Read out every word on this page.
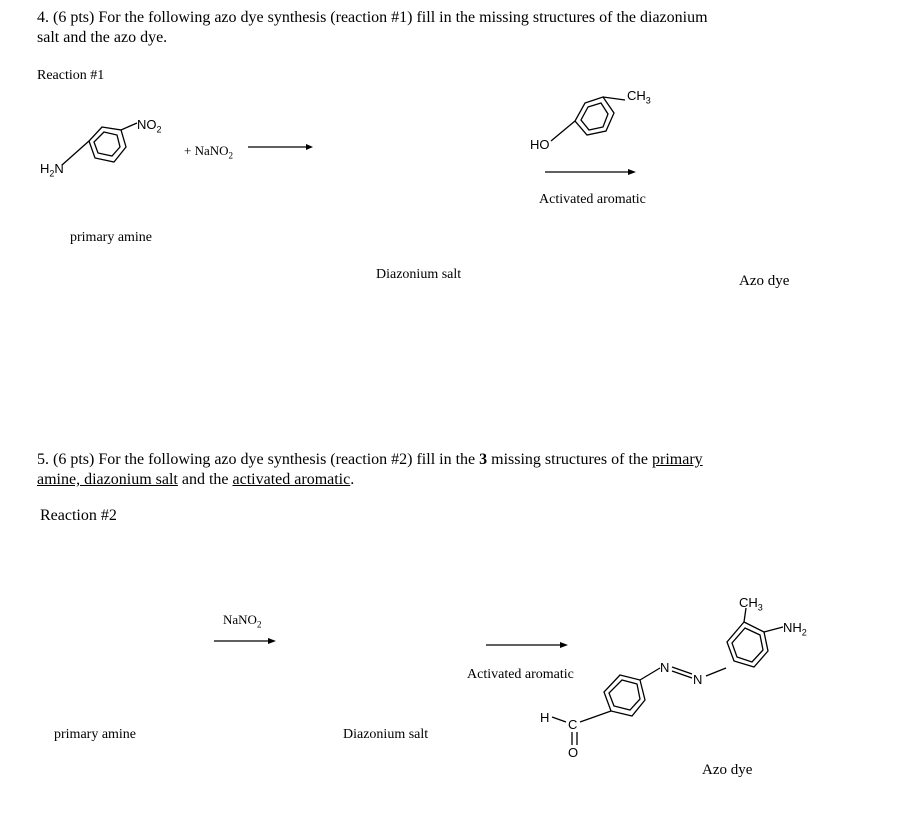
4. (6 pts) For the following azo dye synthesis (reaction #1) fill in the missing structures of the diazonium
salt and the azo dye.
Reaction #1
$NO_2$
$H_2N$
+ NaNO$_2$
primary amine
$CH_3$
HO
Activated aromatic
Diazonium salt	Azo dye
5. (6 pts) For the following azo dye synthesis (reaction #2) fill in the 3 missing structures of the primary
amine, diazonium salt and the activated aromatic.
Reaction #2
NaNO$_2$
Activated aromatic
primary amine	Diazonium salt
Azo dye
$CH_3$
$NH_2$
N
N
H C
O
